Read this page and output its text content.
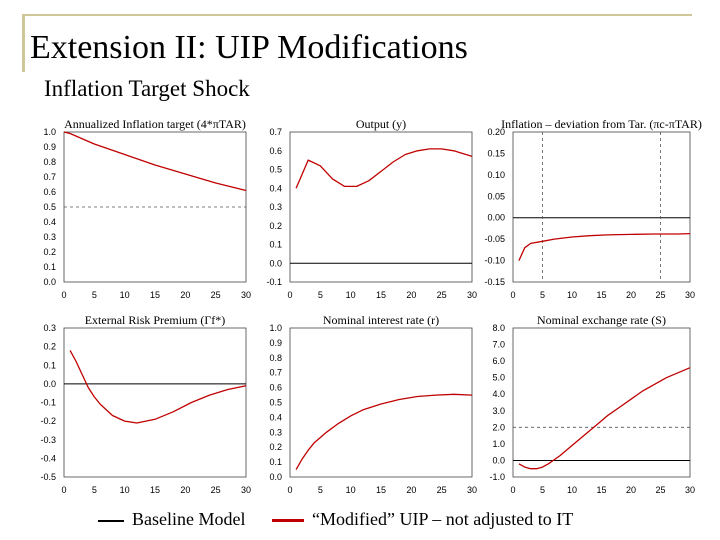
Extension II: UIP Modifications
Inflation Target Shock
Annualized Inflation target (4*πTAR)
0.0
0.1
0.2
0.3
0.4
0.5
0.6
0.7
0.8
0.9
1.0
0	5	10 15 20 25 30
Output (y)
-0.1
0.0
0.1
0.2
0.3
0.4
0.5
0.6
0.7
0	5	10 15 20 25 30
Inflation – deviation from Tar. (πc-πTAR)
-0.15
-0.10
-0.05
0.00
0.05
0.10
0.15
0.20
0	5 10 15 20 25 30
External Risk Premium (Γf*)
-0.5
-0.4
-0.3
-0.2
-0.1
0.0
0.1
0.2
0.3
0	5	10 15 20 25 30
Nominal interest rate (r)
0.0
0.1
0.2
0.3
0.4
0.5
0.6
0.7
0.8
0.9
1.0
0	5	10 15 20 25 30
Nominal exchange rate (S)
-1.0
0.0
1.0
2.0
3.0
4.0
5.0
6.0
7.0
8.0
0	5 10 15 20 25 30
Baseline Model	“Modified” UIP – not adjusted to IT
